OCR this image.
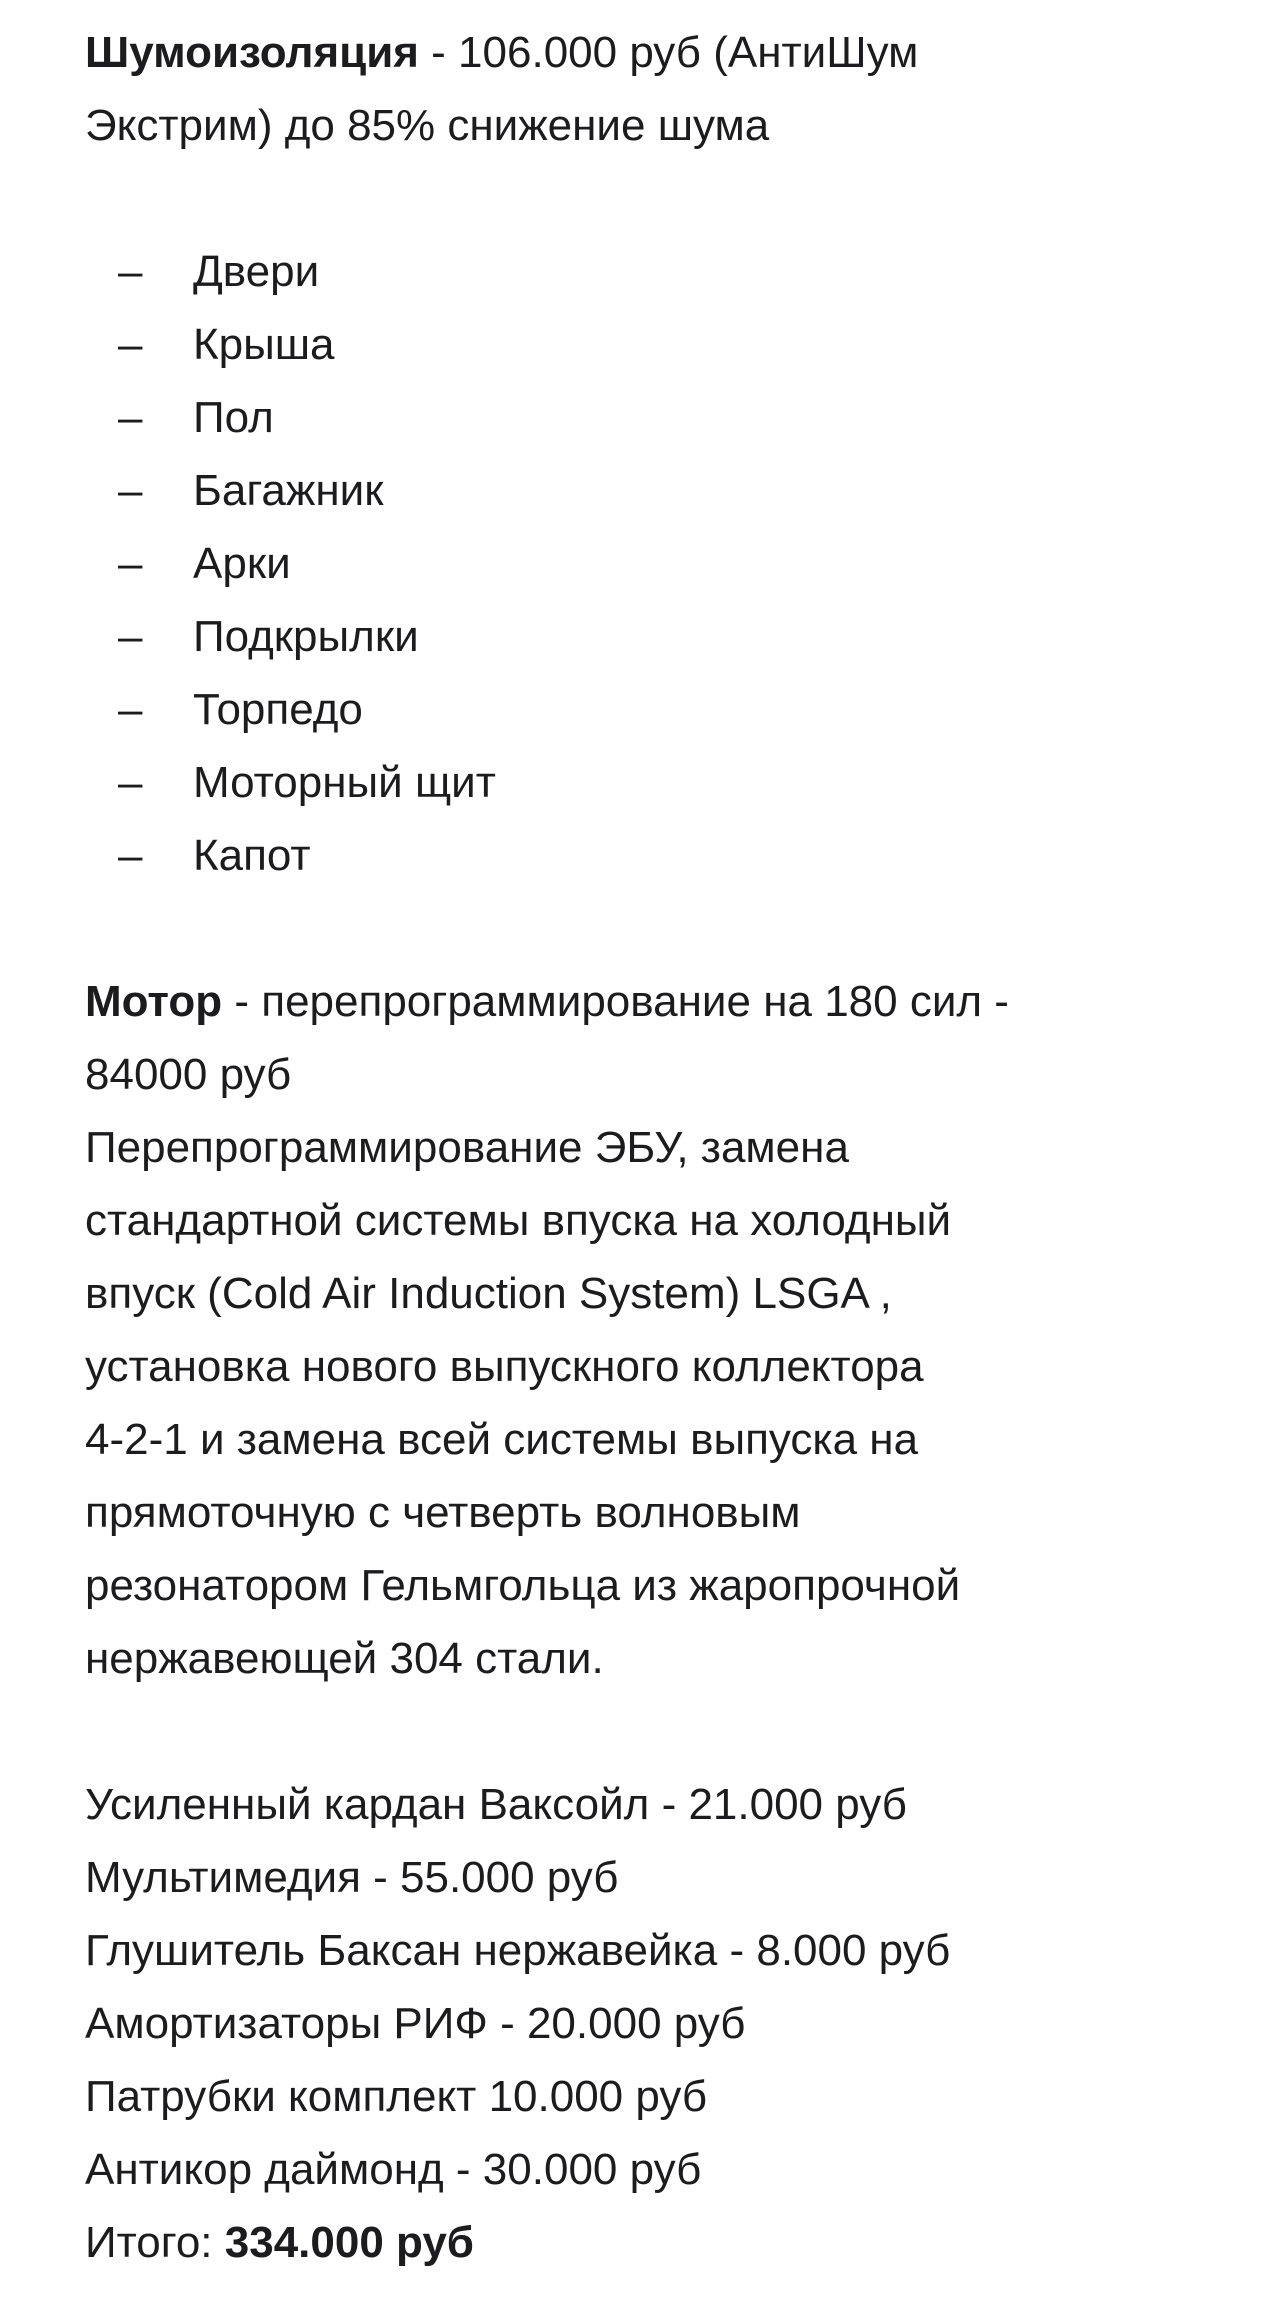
Шумоизоляция - 106.000 руб (АнтиШум
Экстрим) до 85% снижение шума
– Двери
– Крыша
– Пол
– Багажник
– Арки
– Подкрылки
– Торпедо
– Моторный щит
– Капот
Мотор - перепрограммирование на 180 сил -
84000 руб
Перепрограммирование ЭБУ, замена
стандартной системы впуска на холодный
впуск (Cold Air Induction System) LSGA ,
установка нового выпускного коллектора
4-2-1 и замена всей системы выпуска на
прямоточную с четверть волновым
резонатором Гельмгольца из жаропрочной
нержавеющей 304 стали.
Усиленный кардан Ваксойл - 21.000 руб
Мультимедия - 55.000 руб
Глушитель Баксан нержавейка - 8.000 руб
Амортизаторы РИФ - 20.000 руб
Патрубки комплект 10.000 руб
Антикор даймонд - 30.000 руб
Итого: 334.000 руб
